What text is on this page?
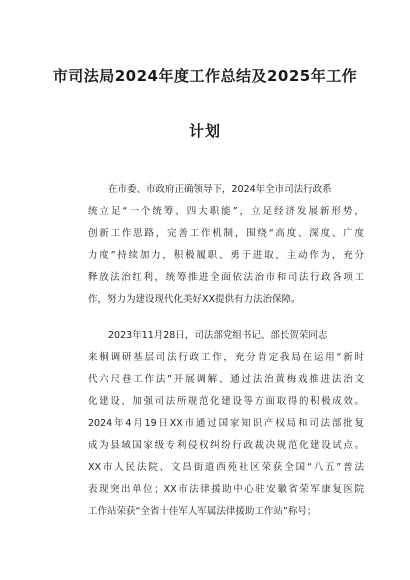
市司法局2024年度工作总结及2025年工作
计划
在市委、市政府正确领导下，2024年全市司法行政系
统立足“一个统筹、四大职能”，立足经济发展新形势，
创新工作思路，完善工作机制，围绕“高度、深度、广度
力度”持续加力，积极履职、勇于进取，主动作为，充分
释放法治红利，统筹推进全面依法治市和司法行政各项工
作，努力为建设现代化美好XX提供有力法治保障。
2023年11月28日，司法部党组书记、部长贺荣同志
来桐调研基层司法行政工作，充分肯定我局在运用“新时
代六尺巷工作法”开展调解、通过法治黄梅戏推进法治文
化建设、加强司法所规范化建设等方面取得的积极成效。
2024年4月19日XX市通过国家知识产权局和司法部批复
成为县域国家级专利侵权纠纷行政裁决规范化建设试点。
XX市人民法院、文昌街道西苑社区荣获全国“八五”普法
表现突出单位；XX市法律援助中心驻安徽省荣军康复医院
工作站荣获“全省十佳军人军属法律援助工作站”称号；
